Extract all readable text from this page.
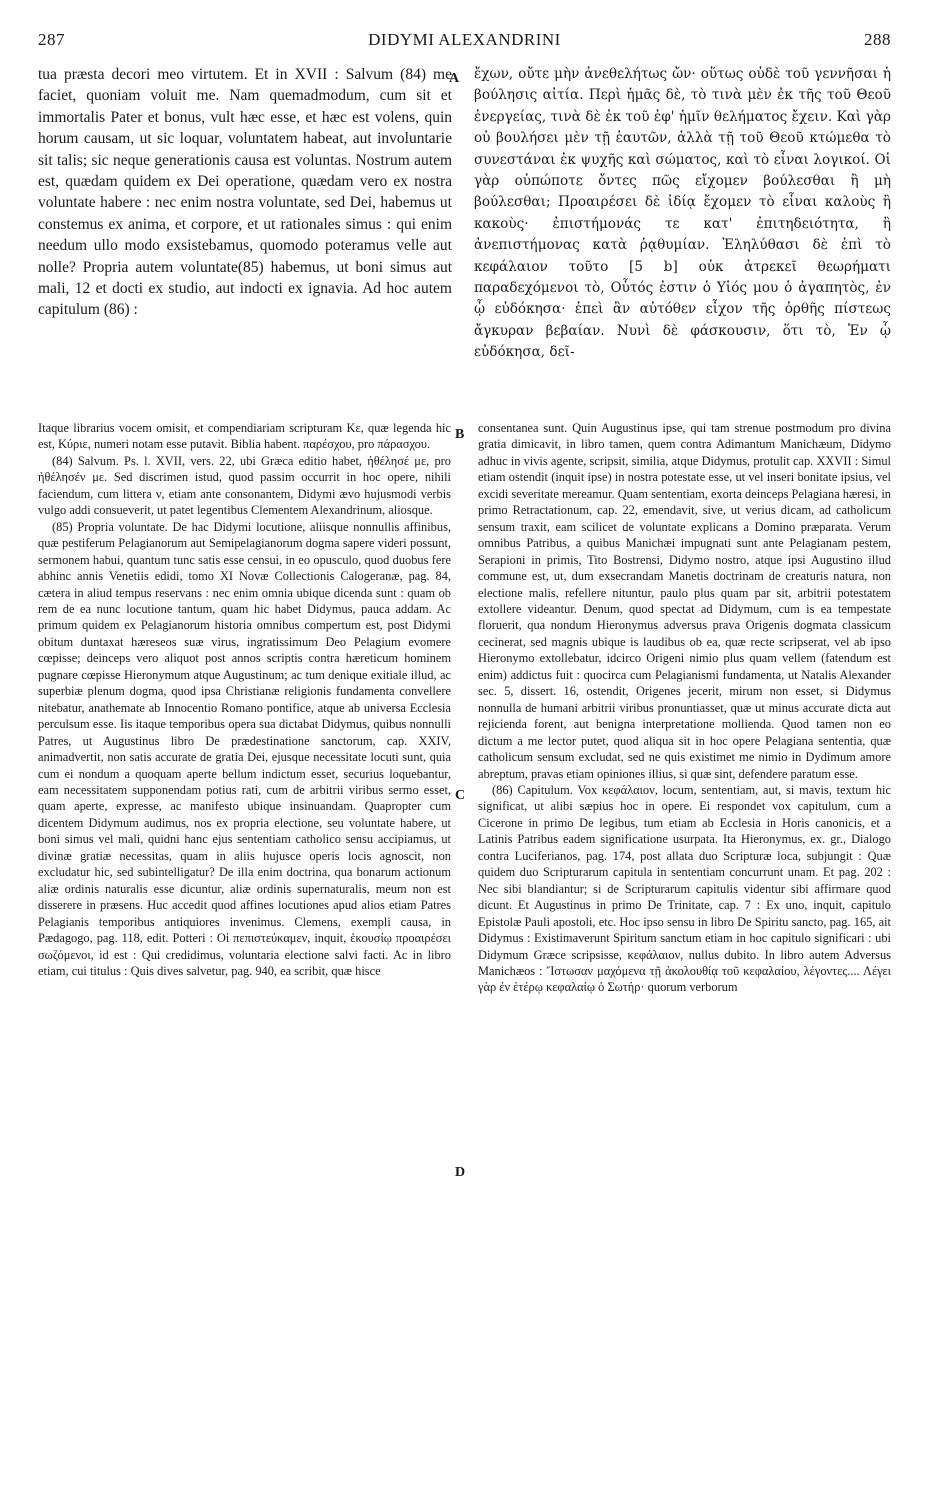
287	DIDYMI ALEXANDRINI	288

tua præsta decori meo virtutem. Et in XVII : Salvum (84) me faciet, quoniam voluit me. Nam quemadmodum, cum sit et immortalis Pater et bonus, vult hæc esse, et hæc est volens, quin horum causam, ut sic loquar, voluntatem habeat, aut involuntarie sit talis; sic neque generationis causa est voluntas. Nostrum autem est, quædam quidem ex Dei operatione, quædam vero ex nostra voluntate habere : nec enim nostra voluntate, sed Dei, habemus ut constemus ex anima, et corpore, et ut rationales simus : qui enim needum ullo modo exsistebamus, quomodo poteramus velle aut nolle? Propria autem voluntate(85) habemus, ut boni simus aut mali, 12 et docti ex studio, aut indocti ex ignavia. Ad hoc autem capitulum (86) :

ἔχων, οὔτε μὴν ἀνεθελήτως ὤν· οὕτως οὐδὲ τοῦ γεννῆσαι ἡ βούλησις αἰτία. Περὶ ἡμᾶς δὲ, τὸ τινὰ μὲν ἐκ τῆς τοῦ Θεοῦ ἐνεργείας, τινὰ δὲ ἐκ τοῦ ἐφ' ἡμῖν θελήματος ἔχειν. Καὶ γὰρ οὐ βουλήσει μὲν τῇ ἑαυτῶν, ἀλλὰ τῇ τοῦ Θεοῦ κτώμεθα τὸ συνεστάναι ἐκ ψυχῆς καὶ σώματος, καὶ τὸ εἶναι λογικοί. Οἱ γὰρ οὐπώποτε ὄντες πῶς εἴχομεν βούλεσθαι ἢ μὴ βούλεσθαι; Προαιρέσει δὲ ἰδίᾳ ἔχομεν τὸ εἶναι καλοὺς ἢ κακοὺς· ἐπιστήμονάς τε κατ' ἐπιτηδειότητα, ἢ ἀνεπιστήμονας κατὰ ῥᾳθυμίαν. Ἐληλύθασι δὲ ἐπὶ τὸ κεφάλαιον τοῦτο [5 b] οὐκ ἀτρεκεῖ θεωρήματι παραδεχόμενοι τὸ, Οὗτός ἐστιν ὁ Υἱός μου ὁ ἀγαπητὸς, ἐν ᾧ εὐδόκησα· ἐπεὶ ἂν αὐτόθεν εἶχον τῆς ὀρθῆς πίστεως ἄγκυραν βεβαίαν. Νυνὶ δὲ φάσκουσιν, ὅτι τὸ, Ἐν ᾧ εὐδόκησα, δεῖ-

A
B
C
D

Itaque librarius vocem omisit, et compendiariam scripturam Κε, quæ legenda hic est, Κύριε, numeri notam esse putavit. Biblia habent. παρέσχου, pro πάρασχου.

(84) Salvum. Ps. l. XVII, vers. 22, ubi Græca editio habet, ἠθέλησέ με, pro ἠθέλησέν με. Sed discrimen istud, quod passim occurrit in hoc opere, nihili faciendum, cum littera ν, etiam ante consonantem, Didymi ævo hujusmodi verbis vulgo addi consueverit, ut patet legentibus Clementem Alexandrinum, aliosque.

(85) Propria voluntate. De hac Didymi locutione, aliisque nonnullis affinibus, quæ pestiferum Pelagianorum aut Semipelagianorum dogma sapere videri possunt, sermonem habui, quantum tunc satis esse censui, in eo opusculo, quod duobus fere abhinc annis Venetiis edidi, tomo XI Novæ Collectionis Calogeranæ, pag. 84, cætera in aliud tempus reservans : nec enim omnia ubique dicenda sunt : quam ob rem de ea nunc locutione tantum, quam hic habet Didymus, pauca addam. Ac primum quidem ex Pelagianorum historia omnibus compertum est, post Didymi obitum duntaxat hæreseos suæ virus, ingratissimum Deo Pelagium evomere cœpisse; deinceps vero aliquot post annos scriptis contra hæreticum hominem pugnare cœpisse Hieronymum atque Augustinum; ac tum denique exitiale illud, ac superbiæ plenum dogma, quod ipsa Christianæ religionis fundamenta convellere nitebatur, anathemate ab Innocentio Romano pontifice, atque ab universa Ecclesia perculsum esse. Iis itaque temporibus opera sua dictabat Didymus, quibus nonnulli Patres, ut Augustinus libro De prædestinatione sanctorum, cap. XXIV, animadvertit, non satis accurate de gratia Dei, ejusque necessitate locuti sunt, quia cum ei nondum a quoquam aperte bellum indictum esset, securius loquebantur, eam necessitatem supponendam potius rati, cum de arbitrii viribus sermo esset, quam aperte, expresse, ac manifesto ubique insinuandam. Quapropter cum dicentem Didymum audimus, nos ex propria electione, seu voluntate habere, ut boni simus vel mali, quidni hanc ejus sententiam catholico sensu accipiamus, ut divinæ gratiæ necessitas, quam in aliis hujusce operis locis agnoscit, non excludatur hic, sed subintelligatur? De illa enim doctrina, qua bonarum actionum aliæ ordinis naturalis esse dicuntur, aliæ ordinis supernaturalis, meum non est disserere in præsens. Huc accedit quod affines locutiones apud alios etiam Patres Pelagianis temporibus antiquiores invenimus. Clemens, exempli causa, in Pædagogo, pag. 118, edit. Potteri : Οἱ πεπιστεύκαμεν, inquit, ἑκουσίῳ προαιρέσει σωζόμενοι, id est : Qui credidimus, voluntaria electione salvi facti. Ac in libro etiam, cui titulus : Quis dives salvetur, pag. 940, ea scribit, quæ hisce

consentanea sunt. Quin Augustinus ipse, qui tam strenue postmodum pro divina gratia dimicavit, in libro tamen, quem contra Adimantum Manichæum, Didymo adhuc in vivis agente, scripsit, similia, atque Didymus, protulit cap. XXVII : Simul etiam ostendit (inquit ipse) in nostra potestate esse, ut vel inseri bonitate ipsius, vel excidi severitate mereamur. Quam sententiam, exorta deinceps Pelagiana hæresi, in primo Retractationum, cap. 22, emendavit, sive, ut verius dicam, ad catholicum sensum traxit, eam scilicet de voluntate explicans a Domino præparata. Verum omnibus Patribus, a quibus Manichæi impugnati sunt ante Pelagianam pestem, Serapioni in primis, Tito Bostrensi, Didymo nostro, atque ipsi Augustino illud commune est, ut, dum exsecrandam Manetis doctrinam de creaturis natura, non electione malis, refellere nituntur, paulo plus quam par sit, arbitrii potestatem extollere videantur. Denum, quod spectat ad Didymum, cum is ea tempestate floruerit, qua nondum Hieronymus adversus prava Origenis dogmata classicum cecinerat, sed magnis ubique is laudibus ob ea, quæ recte scripserat, vel ab ipso Hieronymo extollebatur, idcirco Origeni nimio plus quam vellem (fatendum est enim) addictus fuit : quocirca cum Pelagianismi fundamenta, ut Natalis Alexander sec. 5, dissert. 16, ostendit, Origenes jecerit, mirum non esset, si Didymus nonnulla de humani arbitrii viribus pronuntiasset, quæ ut minus accurate dicta aut rejicienda forent, aut benigna interpretatione mollienda. Quod tamen non eo dictum a me lector putet, quod aliqua sit in hoc opere Pelagiana sententia, quæ catholicum sensum excludat, sed ne quis existimet me nimio in Dydimum amore abreptum, pravas etiam opiniones illius, si quæ sint, defendere paratum esse.

(86) Capitulum. Vox κεφάλαιον, locum, sententiam, aut, si mavis, textum hic significat, ut alibi sæpius hoc in opere. Ei respondet vox capitulum, cum a Cicerone in primo De legibus, tum etiam ab Ecclesia in Horis canonicis, et a Latinis Patribus eadem significatione usurpata. Ita Hieronymus, ex. gr., Dialogo contra Luciferianos, pag. 174, post allata duo Scripturæ loca, subjungit : Quæ quidem duo Scripturarum capitula in sententiam concurrunt unam. Et pag. 202 : Nec sibi blandiantur; si de Scripturarum capitulis videntur sibi affirmare quod dicunt. Et Augustinus in primo De Trinitate, cap. 7 : Ex uno, inquit, capitulo Epistolæ Pauli apostoli, etc. Hoc ipso sensu in libro De Spiritu sancto, pag. 165, ait Didymus : Existimaverunt Spiritum sanctum etiam in hoc capitulo significari : ubi Didymum Græce scripsisse, κεφάλαιον, nullus dubito. In libro autem Adversus Manichæos : Ἴστωσαν μαχόμενα τῇ ἀκολουθίᾳ τοῦ κεφαλαίου, λέγοντες.... Λέγει γὰρ ἐν ἑτέρῳ κεφαλαίῳ ὁ Σωτήρ· quorum verborum
